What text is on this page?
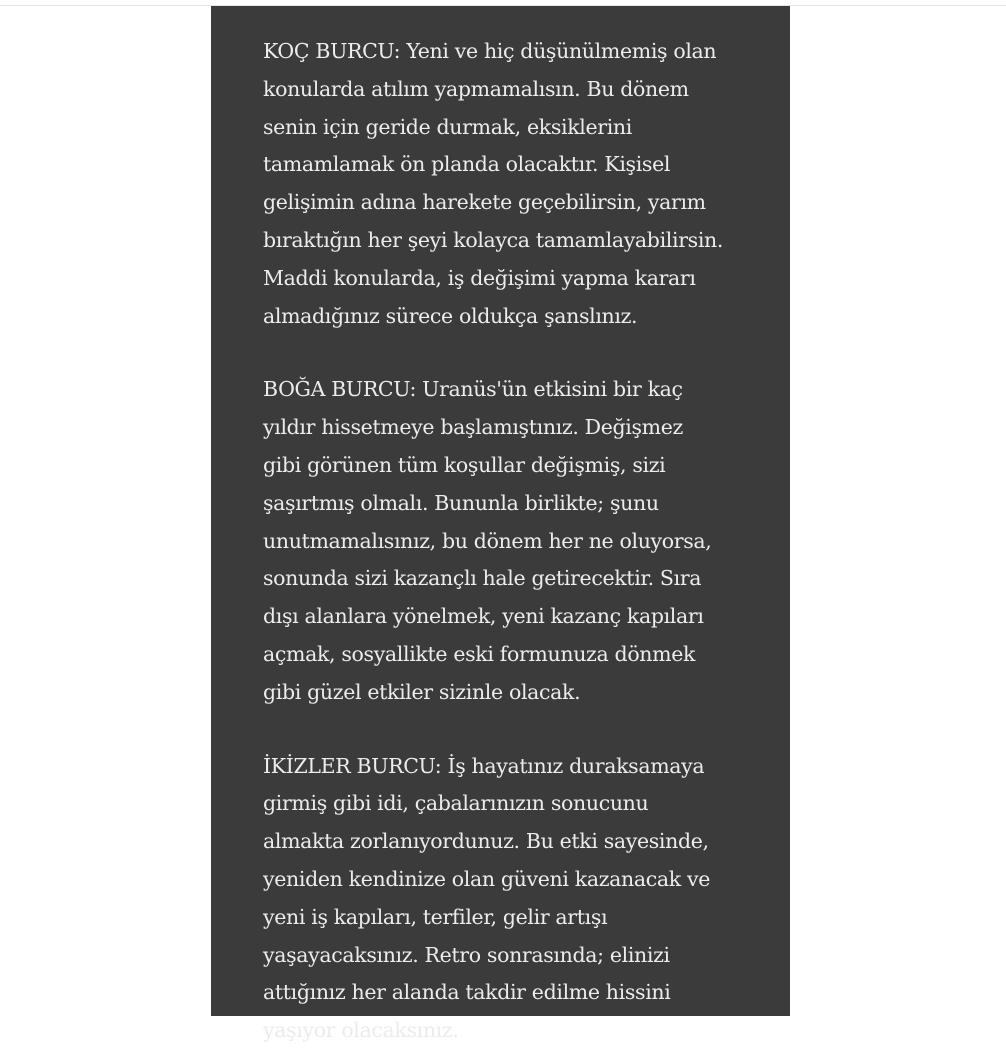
KOÇ BURCU: Yeni ve hiç düşünülmemiş olan
konularda atılım yapmamalısın. Bu dönem
senin için geride durmak, eksiklerini
tamamlamak ön planda olacaktır. Kişisel
gelişimin adına harekete geçebilirsin, yarım
bıraktığın her şeyi kolayca tamamlayabilirsin.
Maddi konularda, iş değişimi yapma kararı
almadığınız sürece oldukça şanslınız.

BOĞA BURCU: Uranüs'ün etkisini bir kaç
yıldır hissetmeye başlamıştınız. Değişmez
gibi görünen tüm koşullar değişmiş, sizi
şaşırtmış olmalı. Bununla birlikte; şunu
unutmamalısınız, bu dönem her ne oluyorsa,
sonunda sizi kazançlı hale getirecektir. Sıra
dışı alanlara yönelmek, yeni kazanç kapıları
açmak, sosyallikte eski formunuza dönmek
gibi güzel etkiler sizinle olacak.

İKİZLER BURCU: İş hayatınız duraksamaya
girmiş gibi idi, çabalarınızın sonucunu
almakta zorlanıyordunuz. Bu etki sayesinde,
yeniden kendinize olan güveni kazanacak ve
yeni iş kapıları, terfiler, gelir artışı
yaşayacaksınız. Retro sonrasında; elinizi
attığınız her alanda takdir edilme hissini
yaşıyor olacaksınız.
